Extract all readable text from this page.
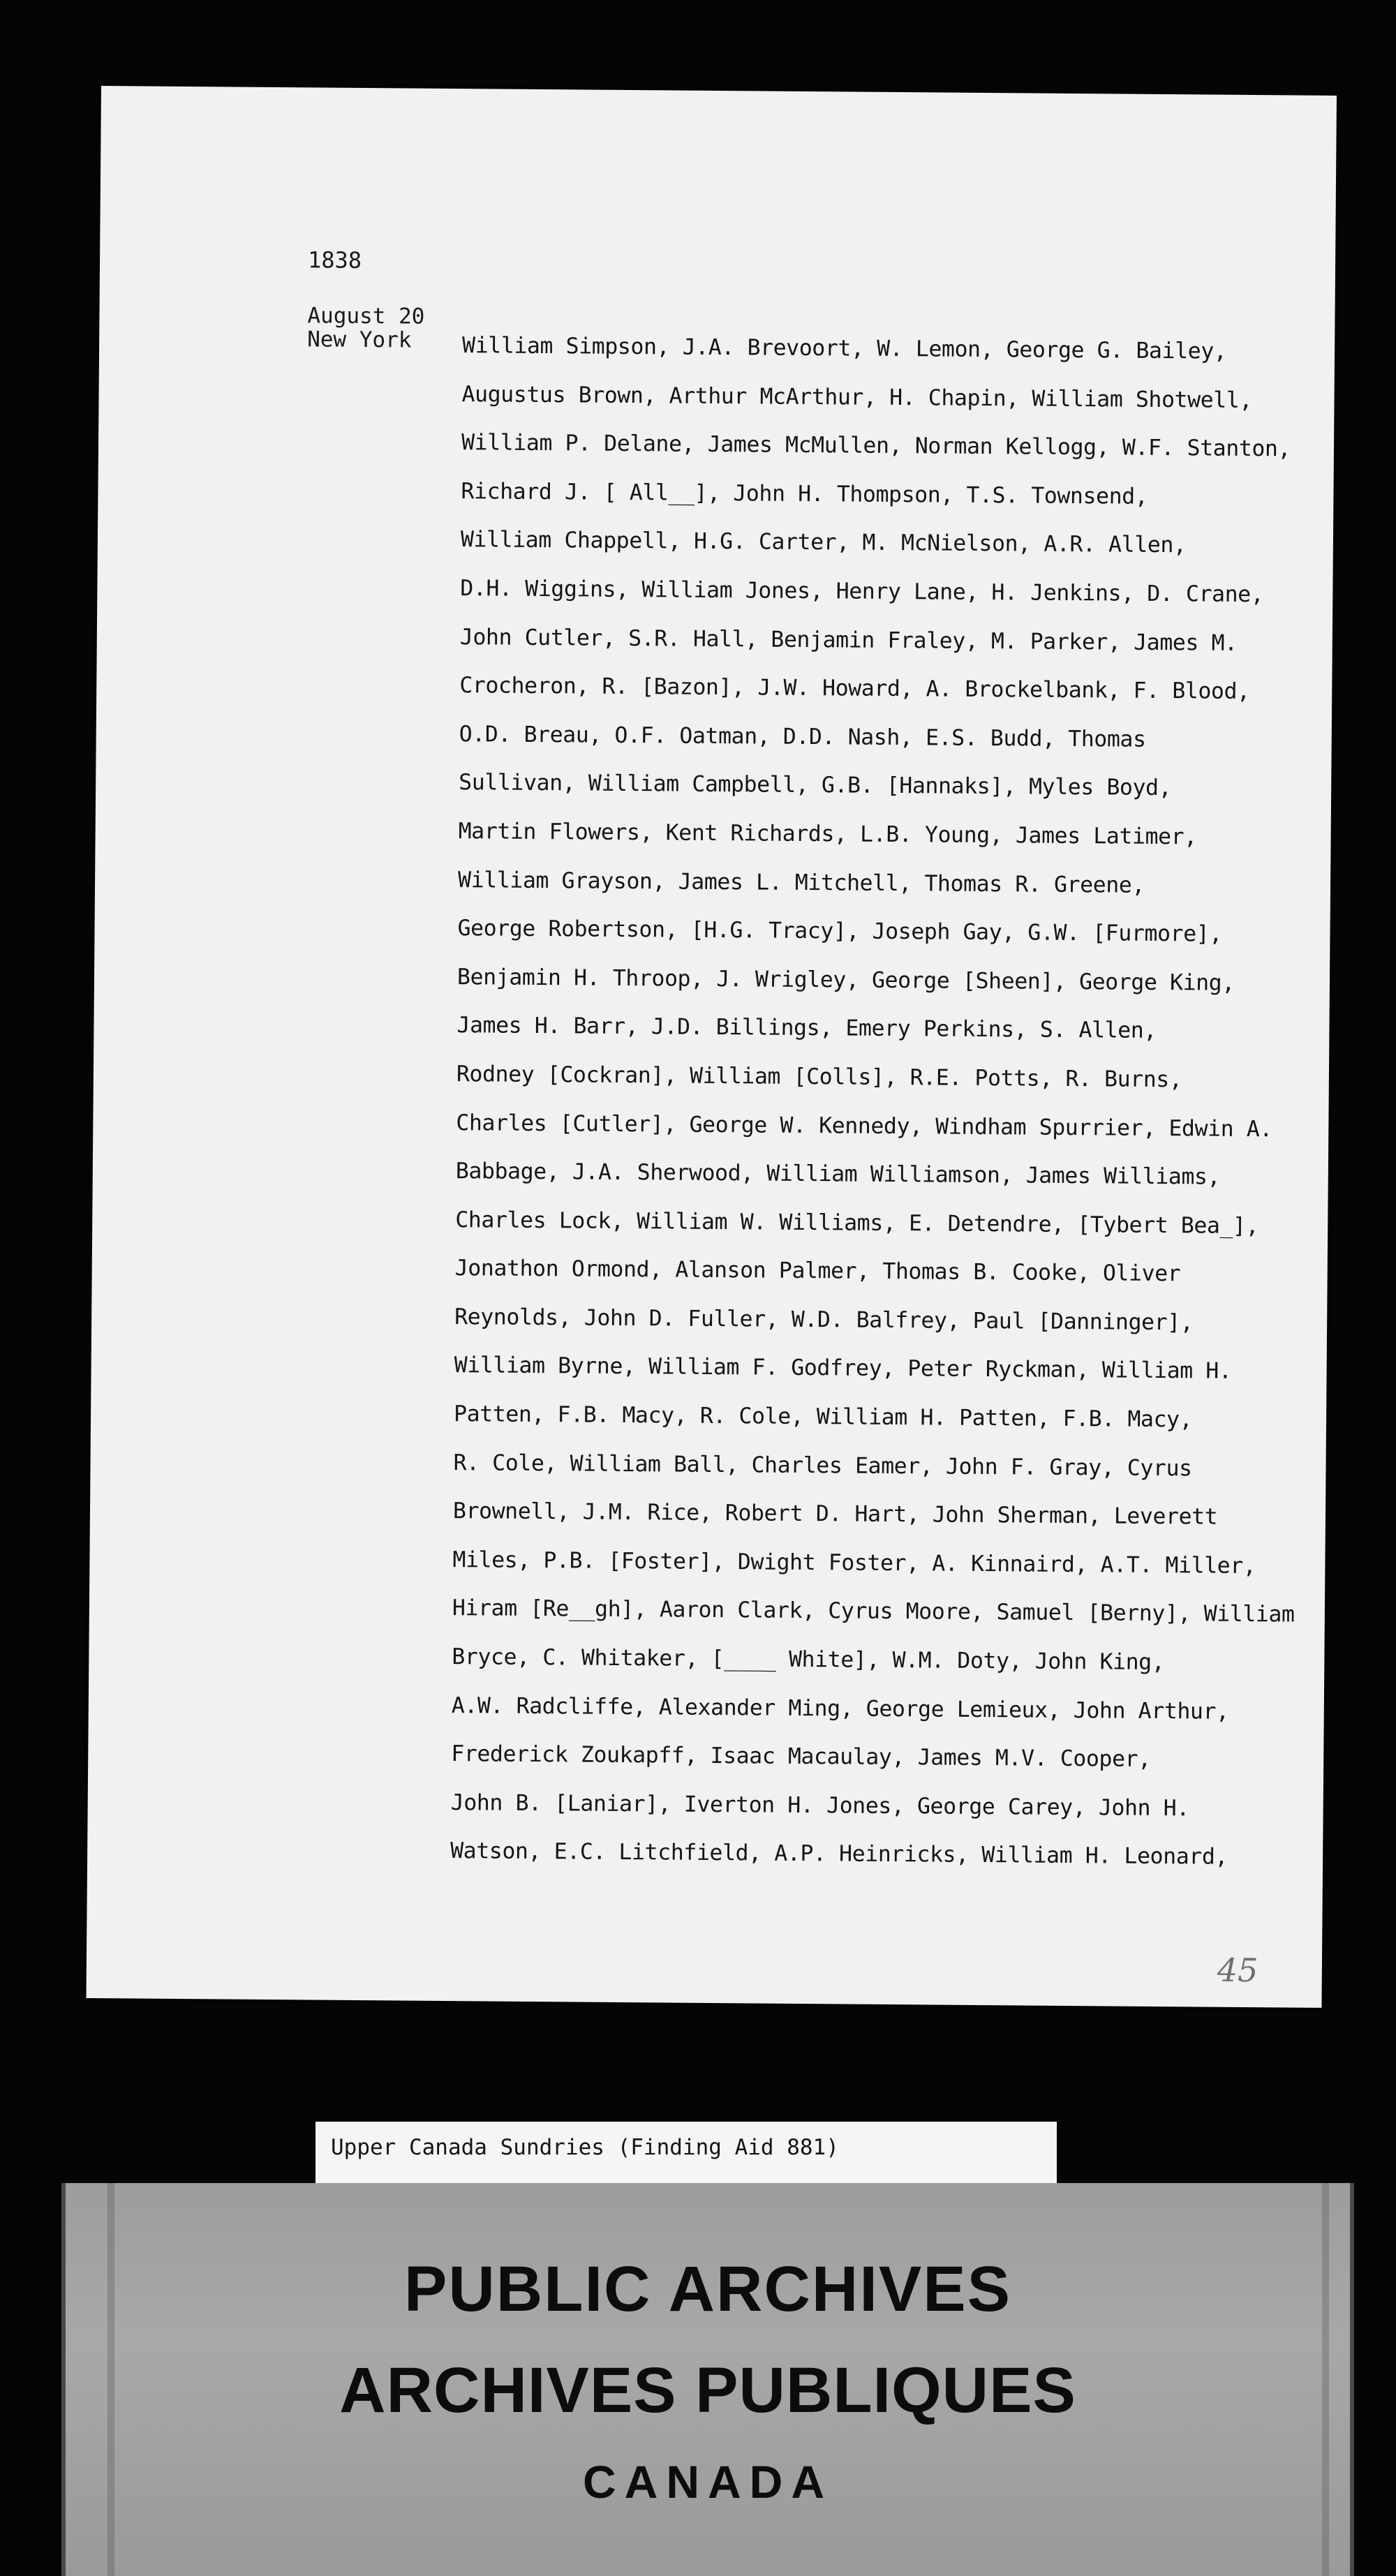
1838
August 20
New York	William Simpson, J.A. Brevoort, W. Lemon, George G. Bailey,
Augustus Brown, Arthur McArthur, H. Chapin, William Shotwell,
William P. Delane, James McMullen, Norman Kellogg, W.F. Stanton,
Richard J. [ All__], John H. Thompson, T.S. Townsend,
William Chappell, H.G. Carter, M. McNielson, A.R. Allen,
D.H. Wiggins, William Jones, Henry Lane, H. Jenkins, D. Crane,
John Cutler, S.R. Hall, Benjamin Fraley, M. Parker, James M.
Crocheron, R. [Bazon], J.W. Howard, A. Brockelbank, F. Blood,
O.D. Breau, O.F. Oatman, D.D. Nash, E.S. Budd, Thomas
Sullivan, William Campbell, G.B. [Hannaks], Myles Boyd,
Martin Flowers, Kent Richards, L.B. Young, James Latimer,
William Grayson, James L. Mitchell, Thomas R. Greene,
George Robertson, [H.G. Tracy], Joseph Gay, G.W. [Furmore],
Benjamin H. Throop, J. Wrigley, George [Sheen], George King,
James H. Barr, J.D. Billings, Emery Perkins, S. Allen,
Rodney [Cockran], William [Colls], R.E. Potts, R. Burns,
Charles [Cutler], George W. Kennedy, Windham Spurrier, Edwin A.
Babbage, J.A. Sherwood, William Williamson, James Williams,
Charles Lock, William W. Williams, E. Detendre, [Tybert Bea_],
Jonathon Ormond, Alanson Palmer, Thomas B. Cooke, Oliver
Reynolds, John D. Fuller, W.D. Balfrey, Paul [Danninger],
William Byrne, William F. Godfrey, Peter Ryckman, William H.
Patten, F.B. Macy, R. Cole, William H. Patten, F.B. Macy,
R. Cole, William Ball, Charles Eamer, John F. Gray, Cyrus
Brownell, J.M. Rice, Robert D. Hart, John Sherman, Leverett
Miles, P.B. [Foster], Dwight Foster, A. Kinnaird, A.T. Miller,
Hiram [Re__gh], Aaron Clark, Cyrus Moore, Samuel [Berny], William
Bryce, C. Whitaker, [____ White], W.M. Doty, John King,
A.W. Radcliffe, Alexander Ming, George Lemieux, John Arthur,
Frederick Zoukapff, Isaac Macaulay, James M.V. Cooper,
John B. [Laniar], Iverton H. Jones, George Carey, John H.
Watson, E.C. Litchfield, A.P. Heinricks, William H. Leonard,
45
Upper Canada Sundries (Finding Aid 881)
PUBLIC ARCHIVES
ARCHIVES PUBLIQUES
CANADA
